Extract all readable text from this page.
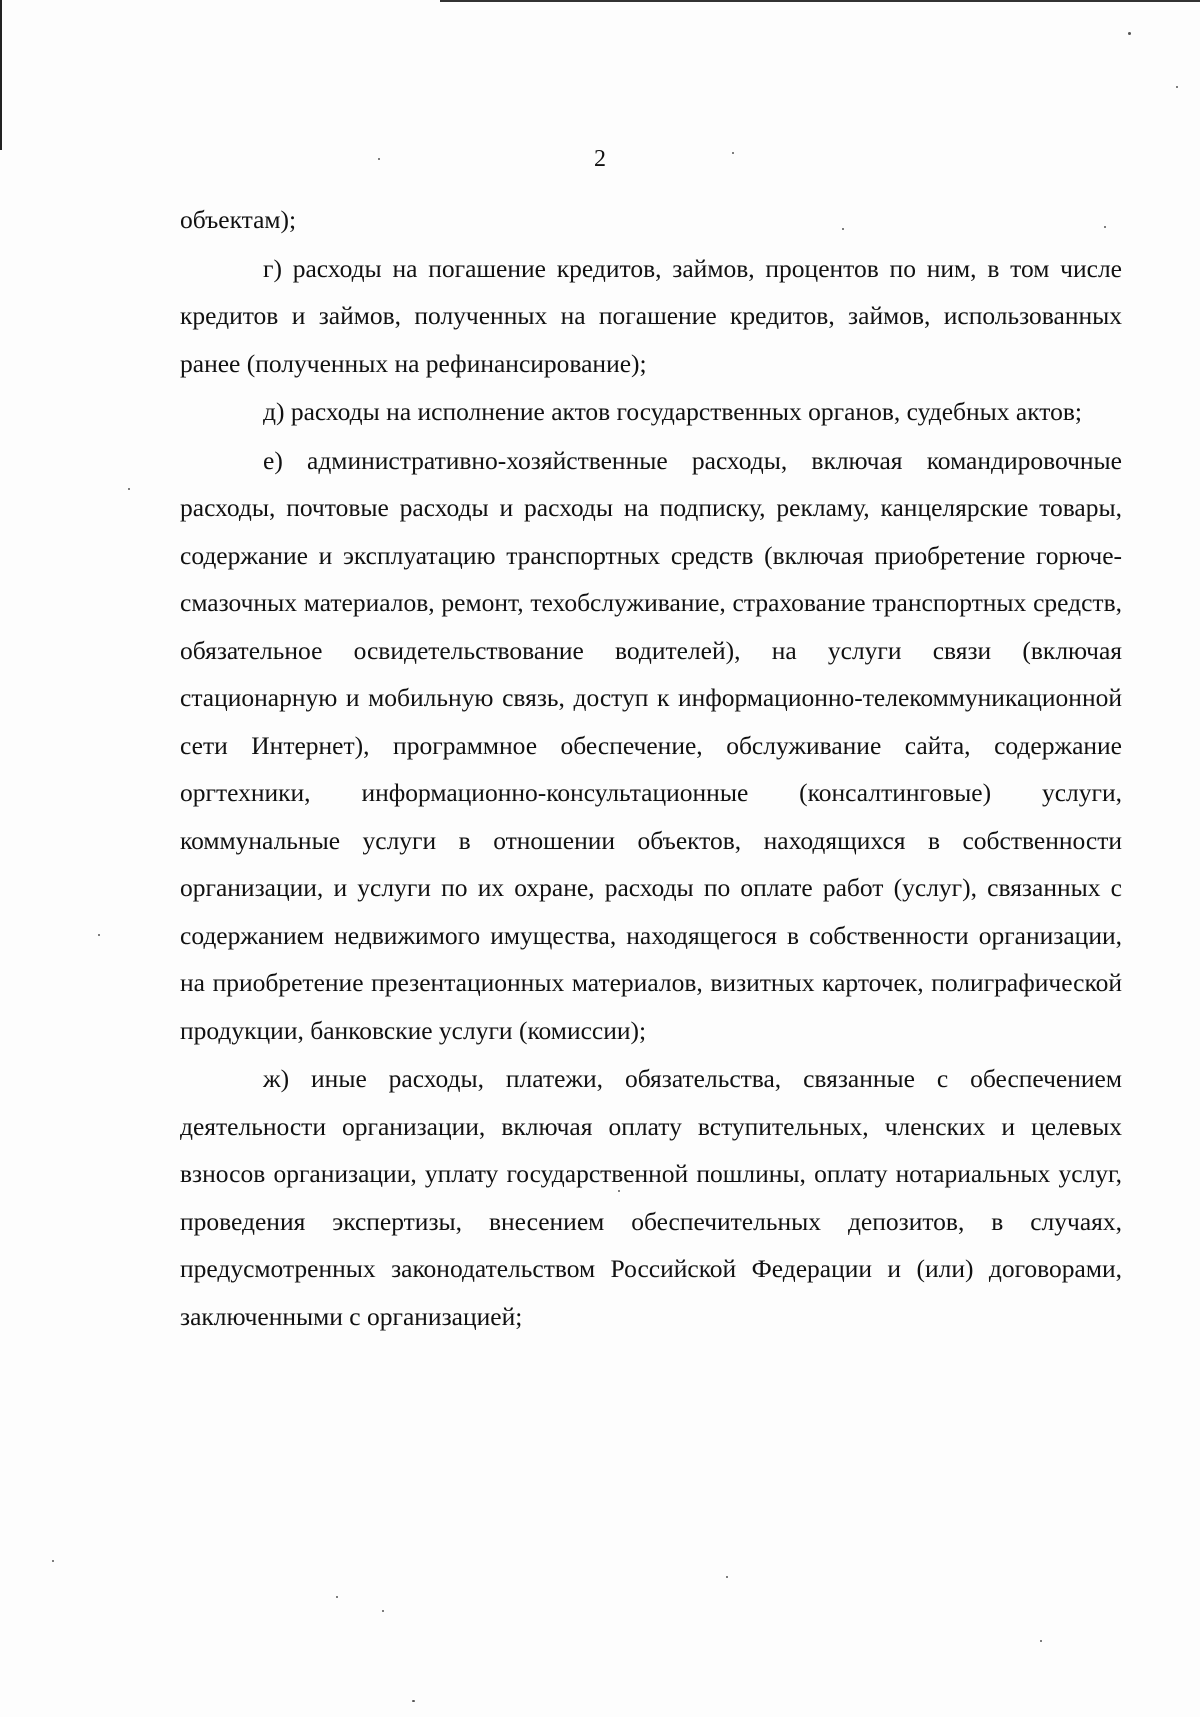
2

объектам);

г) расходы на погашение кредитов, займов, процентов по ним, в том числе кредитов и займов, полученных на погашение кредитов, займов, использованных ранее (полученных на рефинансирование);

д) расходы на исполнение актов государственных органов, судебных актов;

е) административно-хозяйственные расходы, включая командировочные расходы, почтовые расходы и расходы на подписку, рекламу, канцелярские товары, содержание и эксплуатацию транспортных средств (включая приобретение горюче-смазочных материалов, ремонт, техобслуживание, страхование транспортных средств, обязательное освидетельствование водителей), на услуги связи (включая стационарную и мобильную связь, доступ к информационно-телекоммуникационной сети Интернет), программное обеспечение, обслуживание сайта, содержание оргтехники, информационно-консультационные (консалтинговые) услуги, коммунальные услуги в отношении объектов, находящихся в собственности организации, и услуги по их охране, расходы по оплате работ (услуг), связанных с содержанием недвижимого имущества, находящегося в собственности организации, на приобретение презентационных материалов, визитных карточек, полиграфической продукции, банковские услуги (комиссии);

ж) иные расходы, платежи, обязательства, связанные с обеспечением деятельности организации, включая оплату вступительных, членских и целевых взносов организации, уплату государственной пошлины, оплату нотариальных услуг, проведения экспертизы, внесением обеспечительных депозитов, в случаях, предусмотренных законодательством Российской Федерации и (или) договорами, заключенными с организацией;
